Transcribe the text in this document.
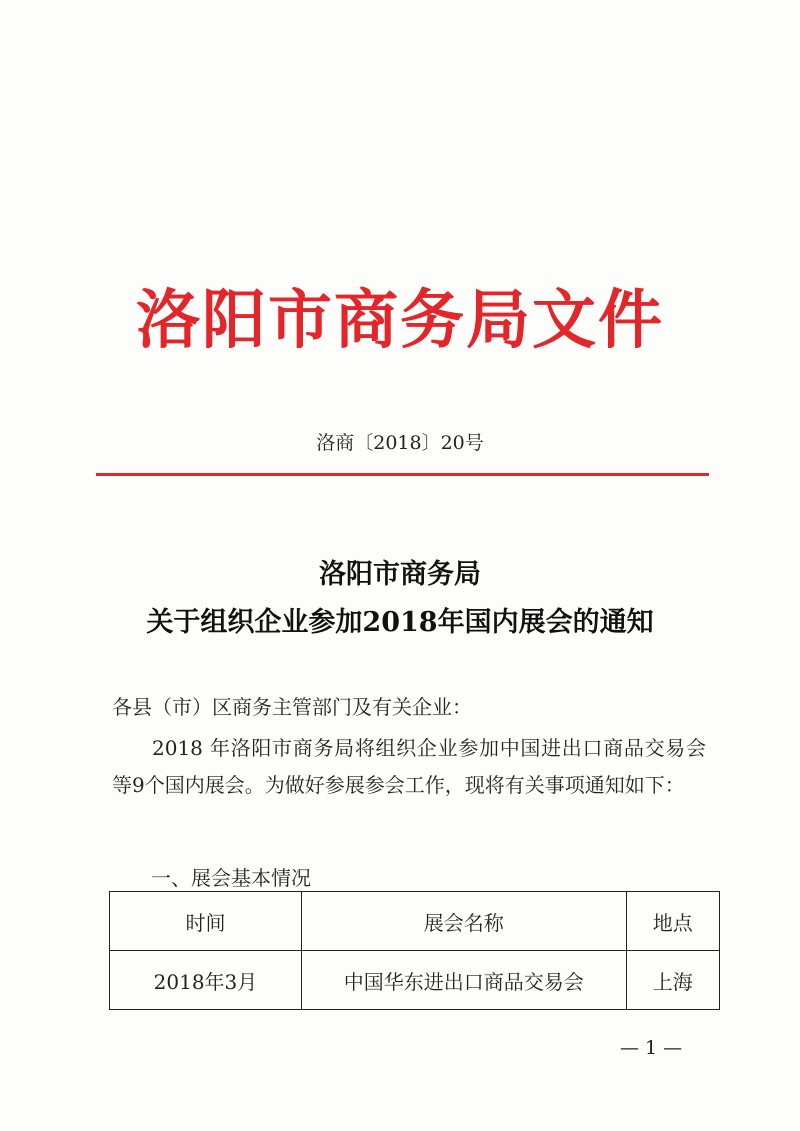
洛阳市商务局文件
洛商〔2018〕20号
洛阳市商务局
关于组织企业参加2018年国内展会的通知
各县（市）区商务主管部门及有关企业：
2018 年洛阳市商务局将组织企业参加中国进出口商品交易会等9个国内展会。为做好参展参会工作，现将有关事项通知如下：
一、展会基本情况
时间	展会名称	地点
2018年3月	中国华东进出口商品交易会	上海
— 1 —
